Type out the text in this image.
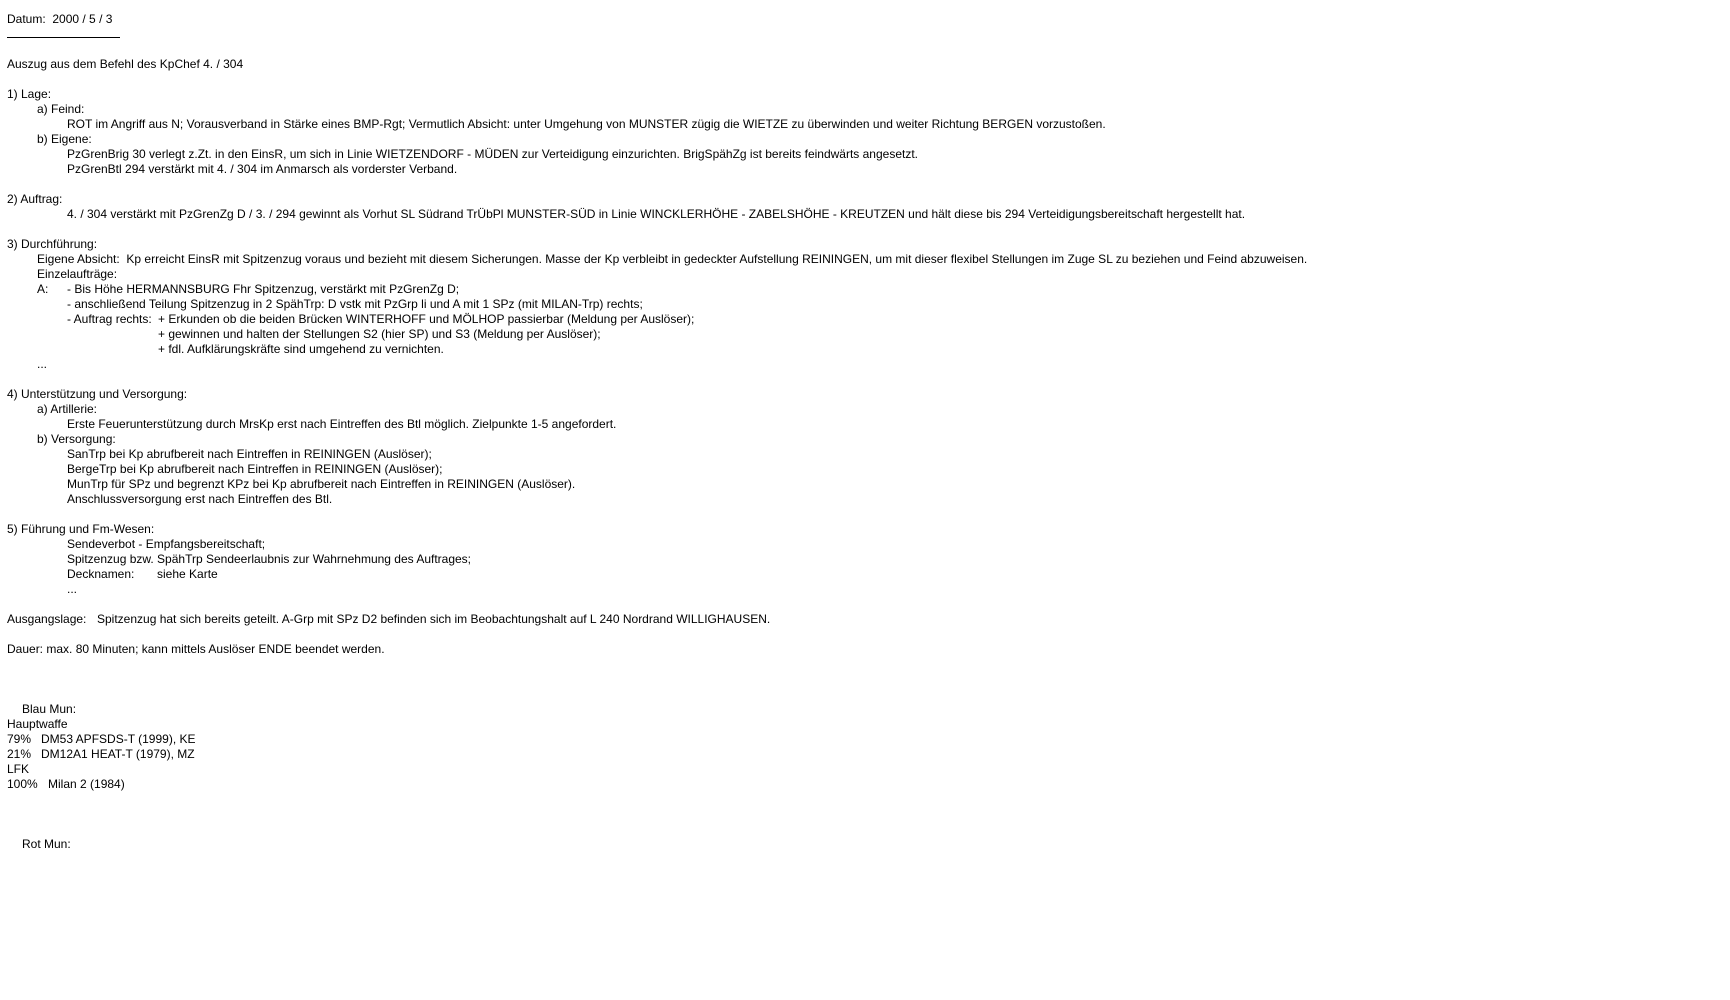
Datum: 2000 / 5 / 3
Auszug aus dem Befehl des KpChef 4. / 304
1) Lage:
a) Feind:
ROT im Angriff aus N; Vorausverband in Stärke eines BMP-Rgt; Vermutlich Absicht: unter Umgehung von MUNSTER zügig die WIETZE zu überwinden und weiter Richtung BERGEN vorzustoßen.
b) Eigene:
PzGrenBrig 30 verlegt z.Zt. in den EinsR, um sich in Linie WIETZENDORF - MÜDEN zur Verteidigung einzurichten. BrigSpähZg ist bereits feindwärts angesetzt.
PzGrenBtl 294 verstärkt mit 4. / 304 im Anmarsch als vorderster Verband.
2) Auftrag:
4. / 304 verstärkt mit PzGrenZg D / 3. / 294 gewinnt als Vorhut SL Südrand TrÜbPl MUNSTER-SÜD in Linie WINCKLERHÖHE - ZABELSHÖHE - KREUTZEN und hält diese bis 294 Verteidigungsbereitschaft hergestellt hat.
3) Durchführung:
Eigene Absicht:  Kp erreicht EinsR mit Spitzenzug voraus und bezieht mit diesem Sicherungen. Masse der Kp verbleibt in gedeckter Aufstellung REININGEN, um mit dieser flexibel Stellungen im Zuge SL zu beziehen und Feind abzuweisen.
Einzelaufträge:
A: - Bis Höhe HERMANNSBURG Fhr Spitzenzug, verstärkt mit PzGrenZg D;
- anschließend Teilung Spitzenzug in 2 SpähTrp: D vstk mit PzGrp li und A mit 1 SPz (mit MILAN-Trp) rechts;
- Auftrag rechts: + Erkunden ob die beiden Brücken WINTERHOFF und MÖLHOP passierbar (Meldung per Auslöser);
+ gewinnen und halten der Stellungen S2 (hier SP) und S3 (Meldung per Auslöser);
+ fdl. Aufklärungskräfte sind umgehend zu vernichten.
...
4) Unterstützung und Versorgung:
a) Artillerie:
Erste Feuerunterstützung durch MrsKp erst nach Eintreffen des Btl möglich. Zielpunkte 1-5 angefordert.
b) Versorgung:
SanTrp bei Kp abrufbereit nach Eintreffen in REININGEN (Auslöser);
BergeTrp bei Kp abrufbereit nach Eintreffen in REININGEN (Auslöser);
MunTrp für SPz und begrenzt KPz bei Kp abrufbereit nach Eintreffen in REININGEN (Auslöser).
Anschlussversorgung erst nach Eintreffen des Btl.
5) Führung und Fm-Wesen:
Sendeverbot - Empfangsbereitschaft;
Spitzenzug bzw. SpähTrp Sendeerlaubnis zur Wahrnehmung des Auftrages;
Decknamen: siehe Karte
...
Ausgangslage: Spitzenzug hat sich bereits geteilt. A-Grp mit SPz D2 befinden sich im Beobachtungshalt auf L 240 Nordrand WILLIGHAUSEN.
Dauer: max. 80 Minuten; kann mittels Auslöser ENDE beendet werden.
Blau Mun:
Hauptwaffe
79% DM53 APFSDS-T (1999), KE
21% DM12A1 HEAT-T (1979), MZ
LFK
100% Milan 2 (1984)
Rot Mun:
